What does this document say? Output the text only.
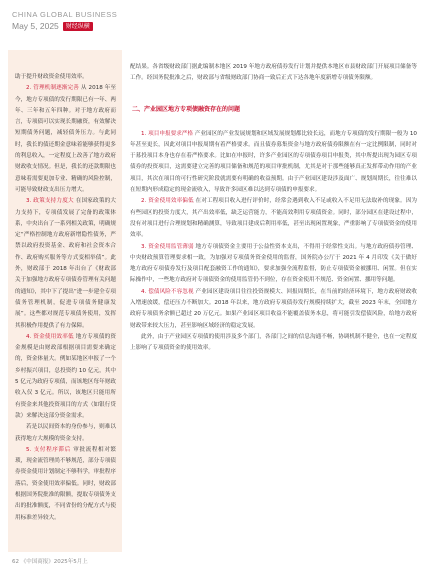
CHINA GLOBAL BUSINESS
May 5, 2025	财经纵横

助于提升财政资金使用效率。

2. 管理机制逐渐完善 从 2018 年至今，地方专项债的发行期限已有一年、两年、三年和五年四种。对于地方政府而言，专项债可以实现长期融资，有效解决短期债务问题，减轻债务压力。与此同时，我长的债还期金意味着能够获得更多的利息收入，一定程度上改善了地方政府财政收支情况。但是，我长的还款期限也意味着需要更加专业、精确的风险控制，可能导致财政支出压力增大。

3. 政策支持力度大 在国家政策的大力支持下，专项债发展了完备的政策体系，中央出台了一系列相关政策，明确规定“严格控制地方政府新增隐性债务，严禁以政府投资基金、政府和社会资本合作、政府购买服务等方式变相举债”。此外，财政部于 2018 年出台了《财政部关于加强地方政府专项债券管理有关问题的通知》，其中下了提出“进一步建全专项债务管理机制，促进专项债务健康发展”。这些都对规范专项债务使用，发挥其积极作用提供了有力保障。

4. 资金使用效率低 地方专项债的资金规模是由财政部根据项目需要来确定的，资金体量大。例如某地区申报了一个乡村振兴项目，总投资约 10 亿元，其中 5 亿元为政府专项债，而该地区每年财政收入仅 3 亿元。所以，该地区只能用所有资金来其他投资项目的方式（如银行贷款）来解决这部分资金需求。

若是以民间资本的身份参与，则难以获得地方大规模的资金支持。

5. 支付程序滞后 审批流程相对繁琐，现金流管理尚不够规范，部分专项债券资金使用计划制定不够科学，审批程序落后，资金使用效率偏低。同时，财政部根据国务院批准的限额，提取专项债务支出的批准额度，不同省份的分配方式与使用标准差异较大。

配结果。各省级财政部门据此编制本地区 2019 年地方政府债券发行计划并提供本地区市县财政部门开展项目储备等工作。经国务院批准之后，财政部与省级财政部门协商一致后正式下达各地年度新增专项债务限额。

二、产业园区地方专项债融资存在的问题

1. 项目申报要求严格 产业园区的产业发展规划和区域发展规划都比较长远，而地方专项债的发行期限一般为 10 年甚至更长，因此对项目申报周期有着严格要求。而且债券募集资金与地方政府债券限额在有一定比例限制，同时对于募投项目本身也存在着严格要求。比如在申报时，许多产业园区的专项债券项目申报类，其中所提出现为园区专项债券的投资项目，这需要建立完善的项目储备和规范的项目审批机制，尤其是对于那些能够真正发挥带动作用的产业项目，其次在项目的可行性研究阶段就需要有明确的收益预期。由于产业园区建设涉及面广、规划周期长，往往难以在短期内形成稳定的现金流收入，导致许多园区难以达到专项债的申报要求。

2. 资金使用效率偏低 在对工程项目收入进行评价时，经常会遇到收入不足或收入不足用无法取补的现象。因为有些园区的投资力度大，其产出效率低，缺乏运营能力，不能高效利用专项债资金。同时，部分园区在建设过程中，没有对项目进行合理规划和精确测算，导致项目建成后利用率低，甚至出现闲置现象，严重影响了专项债资金的使用效率。

3. 资金使用监管薄弱 地方专项债资金主要用于公益性资本支出，不得用于经常性支出。与地方政府债券管理、中央财政预算管理要求相一致，为加强对专项债务资金使用的监督，国务院办公厅于 2021 年 4 月印发《关于做好地方政府专项债券发行及项目配套融资工作的通知》，要求加强全流程监督，防止专项债资金被挪用、闲置。但在实际操作中，一些地方政府对专项债资金的使用监管仍不到位，存在资金使用不规范、资金闲置、挪用等问题。

4. 偿债风险不容忽视 产业园区建设项目往往投资规模大、回报周期长，在当前的经济环境下，地方政府财政收入增速放缓，偿还压力不断加大。2018 年以来，地方政府专项债券发行规模持续扩大，截至 2023 年末，全国地方政府专项债务余额已超过 20 万亿元。如果产业园区项目收益不能覆盖债务本息，将可能引发偿债风险，给地方政府财政带来较大压力，甚至影响区域经济的稳定发展。

此外，由于产业园区专项债的使用涉及多个部门，各部门之间的信息沟通不畅，协调机制不健全，也在一定程度上影响了专项债资金的使用效率。

62 《中国商报》2025年5月上
